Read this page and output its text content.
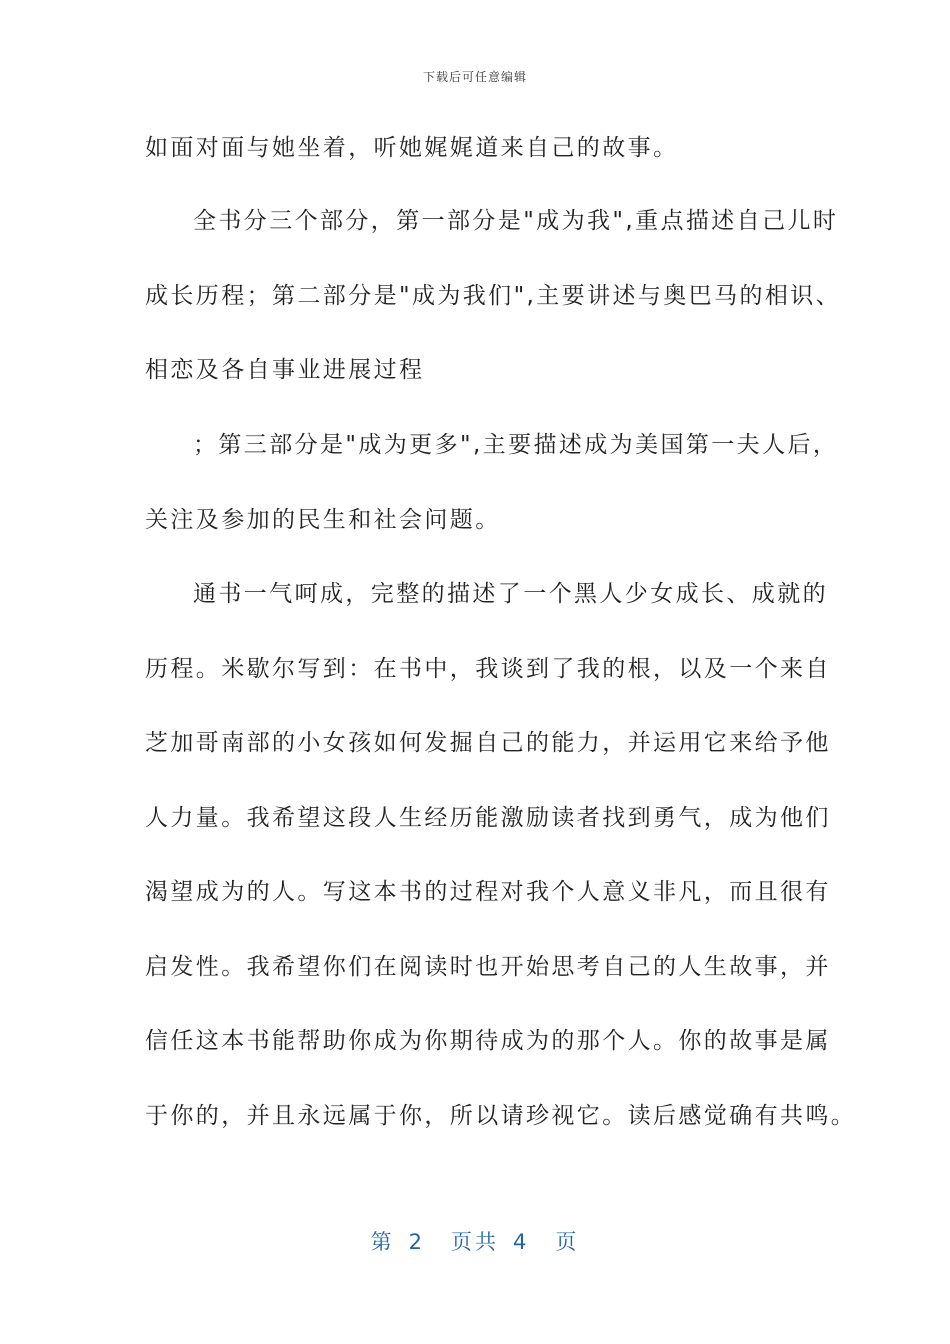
下载后可任意编辑
如面对面与她坐着，听她娓娓道来自己的故事。
全书分三个部分，第一部分是"成为我",重点描述自己儿时
成长历程；第二部分是"成为我们",主要讲述与奥巴马的相识、
相恋及各自事业进展过程
；第三部分是"成为更多",主要描述成为美国第一夫人后，
关注及参加的民生和社会问题。
通书一气呵成，完整的描述了一个黑人少女成长、成就的
历程。米歇尔写到：在书中，我谈到了我的根，以及一个来自
芝加哥南部的小女孩如何发掘自己的能力，并运用它来给予他
人力量。我希望这段人生经历能激励读者找到勇气，成为他们
渴望成为的人。写这本书的过程对我个人意义非凡，而且很有
启发性。我希望你们在阅读时也开始思考自己的人生故事，并
信任这本书能帮助你成为你期待成为的那个人。你的故事是属
于你的，并且永远属于你，所以请珍视它。读后感觉确有共鸣。
第 2 页共 4 页
